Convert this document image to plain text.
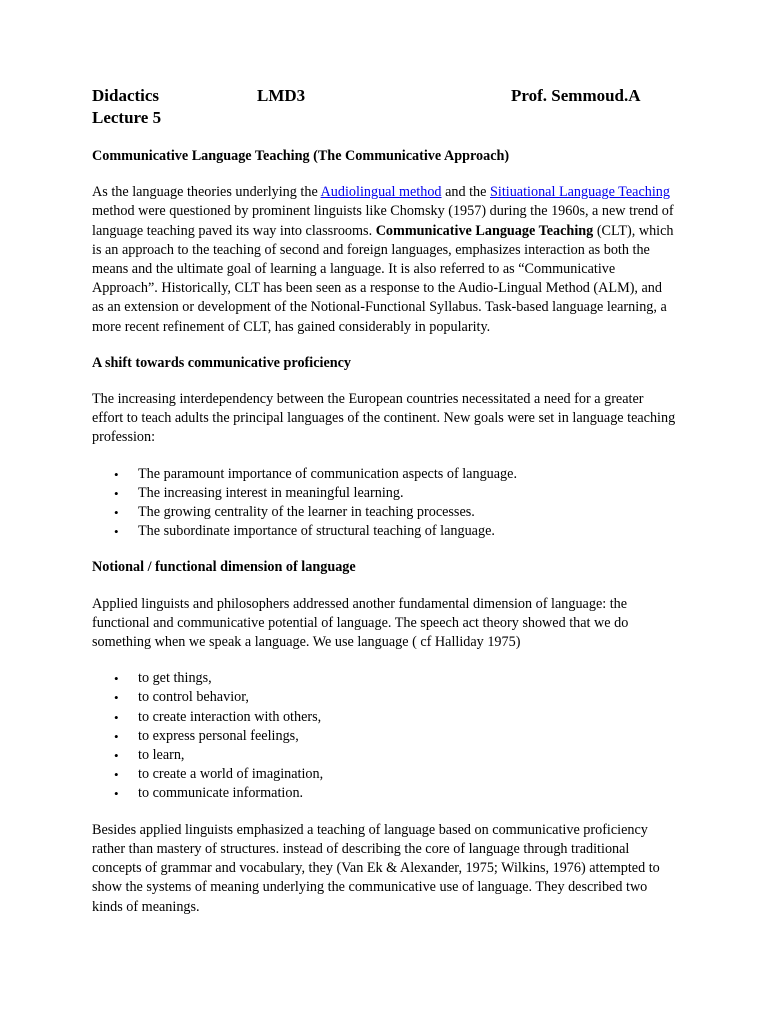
Didactics	LMD3	Prof. Semmoud.A
Lecture 5

Communicative Language Teaching (The Communicative Approach)

As the language theories underlying the Audiolingual method and the Sitiuational Language Teaching method were questioned by prominent linguists like Chomsky (1957) during the 1960s, a new trend of language teaching paved its way into classrooms. Communicative Language Teaching (CLT), which is an approach to the teaching of second and foreign languages, emphasizes interaction as both the means and the ultimate goal of learning a language. It is also referred to as “Communicative Approach”. Historically, CLT has been seen as a response to the Audio-Lingual Method (ALM), and as an extension or development of the Notional-Functional Syllabus. Task-based language learning, a more recent refinement of CLT, has gained considerably in popularity.

A shift towards communicative proficiency

The increasing interdependency between the European countries necessitated a need for a greater effort to teach adults the principal languages of the continent. New goals were set in language teaching profession:

• The paramount importance of communication aspects of language.
• The increasing interest in meaningful learning.
• The growing centrality of the learner in teaching processes.
• The subordinate importance of structural teaching of language.

Notional / functional dimension of language

Applied linguists and philosophers addressed another fundamental dimension of language: the functional and communicative potential of language. The speech act theory showed that we do something when we speak a language. We use language ( cf Halliday 1975)

• to get things,
• to control behavior,
• to create interaction with others,
• to express personal feelings,
• to learn,
• to create a world of imagination,
• to communicate information.

Besides applied linguists emphasized a teaching of language based on communicative proficiency rather than mastery of structures. instead of describing the core of language through traditional concepts of grammar and vocabulary, they (Van Ek & Alexander, 1975; Wilkins, 1976) attempted to show the systems of meaning underlying the communicative use of language. They described two kinds of meanings.
